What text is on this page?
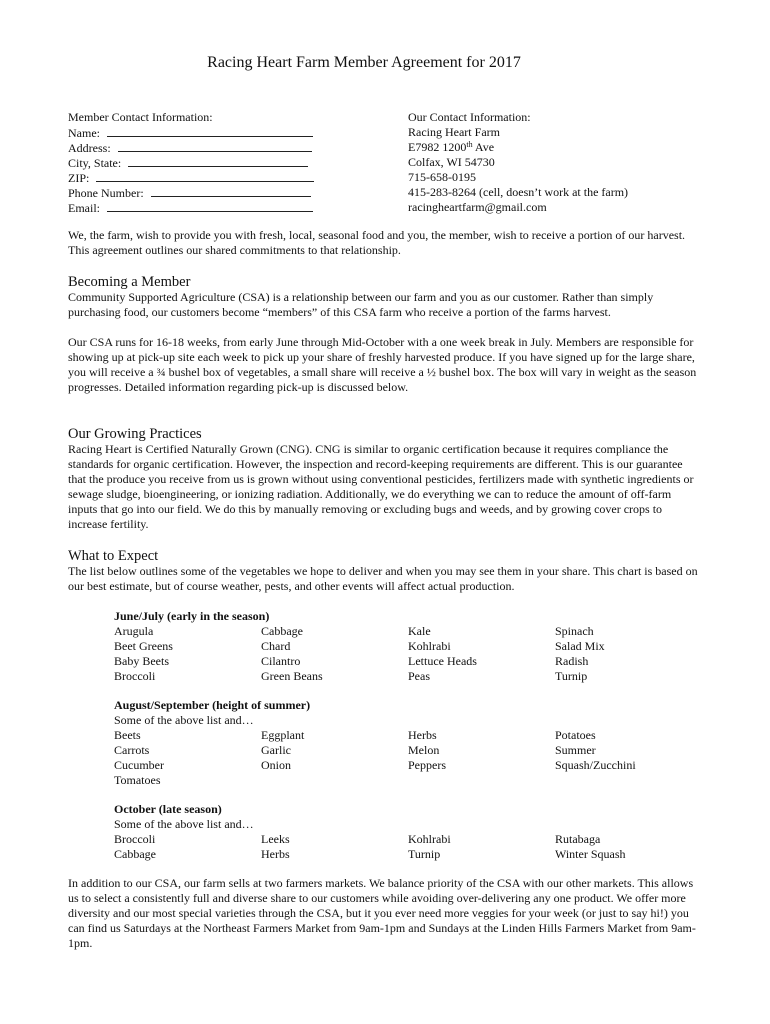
Racing Heart Farm Member Agreement for 2017
Member Contact Information:
Name:
Address:
City, State:
ZIP:
Phone Number:
Email:
Our Contact Information:
Racing Heart Farm
E7982 1200th Ave
Colfax, WI 54730
715-658-0195
415-283-8264 (cell, doesn’t work at the farm)
racingheartfarm@gmail.com
We, the farm, wish to provide you with fresh, local, seasonal food and you, the member, wish to receive a portion of our harvest. This agreement outlines our shared commitments to that relationship.
Becoming a Member
Community Supported Agriculture (CSA) is a relationship between our farm and you as our customer. Rather than simply purchasing food, our customers become “members” of this CSA farm who receive a portion of the farms harvest.
Our CSA runs for 16-18 weeks, from early June through Mid-October with a one week break in July. Members are responsible for showing up at pick-up site each week to pick up your share of freshly harvested produce. If you have signed up for the large share, you will receive a ¾ bushel box of vegetables, a small share will receive a ½ bushel box. The box will vary in weight as the season progresses. Detailed information regarding pick-up is discussed below.
Our Growing Practices
Racing Heart is Certified Naturally Grown (CNG). CNG is similar to organic certification because it requires compliance the standards for organic certification. However, the inspection and record-keeping requirements are different. This is our guarantee that the produce you receive from us is grown without using conventional pesticides, fertilizers made with synthetic ingredients or sewage sludge, bioengineering, or ionizing radiation. Additionally, we do everything we can to reduce the amount of off-farm inputs that go into our field. We do this by manually removing or excluding bugs and weeds, and by growing cover crops to increase fertility.
What to Expect
The list below outlines some of the vegetables we hope to deliver and when you may see them in your share. This chart is based on our best estimate, but of course weather, pests, and other events will affect actual production.
June/July (early in the season)
Arugula	Cabbage	Kale	Spinach
Beet Greens	Chard	Kohlrabi	Salad Mix
Baby Beets	Cilantro	Lettuce Heads	Radish
Broccoli	Green Beans	Peas	Turnip
August/September (height of summer)
Some of the above list and…
Beets	Eggplant	Herbs	Potatoes
Carrots	Garlic	Melon	Summer
Cucumber	Onion	Peppers	Squash/Zucchini
Tomatoes
October (late season)
Some of the above list and…
Broccoli	Leeks	Kohlrabi	Rutabaga
Cabbage	Herbs	Turnip	Winter Squash
In addition to our CSA, our farm sells at two farmers markets. We balance priority of the CSA with our other markets. This allows us to select a consistently full and diverse share to our customers while avoiding over-delivering any one product. We offer more diversity and our most special varieties through the CSA, but it you ever need more veggies for your week (or just to say hi!) you can find us Saturdays at the Northeast Farmers Market from 9am-1pm and Sundays at the Linden Hills Farmers Market from 9am-1pm.
